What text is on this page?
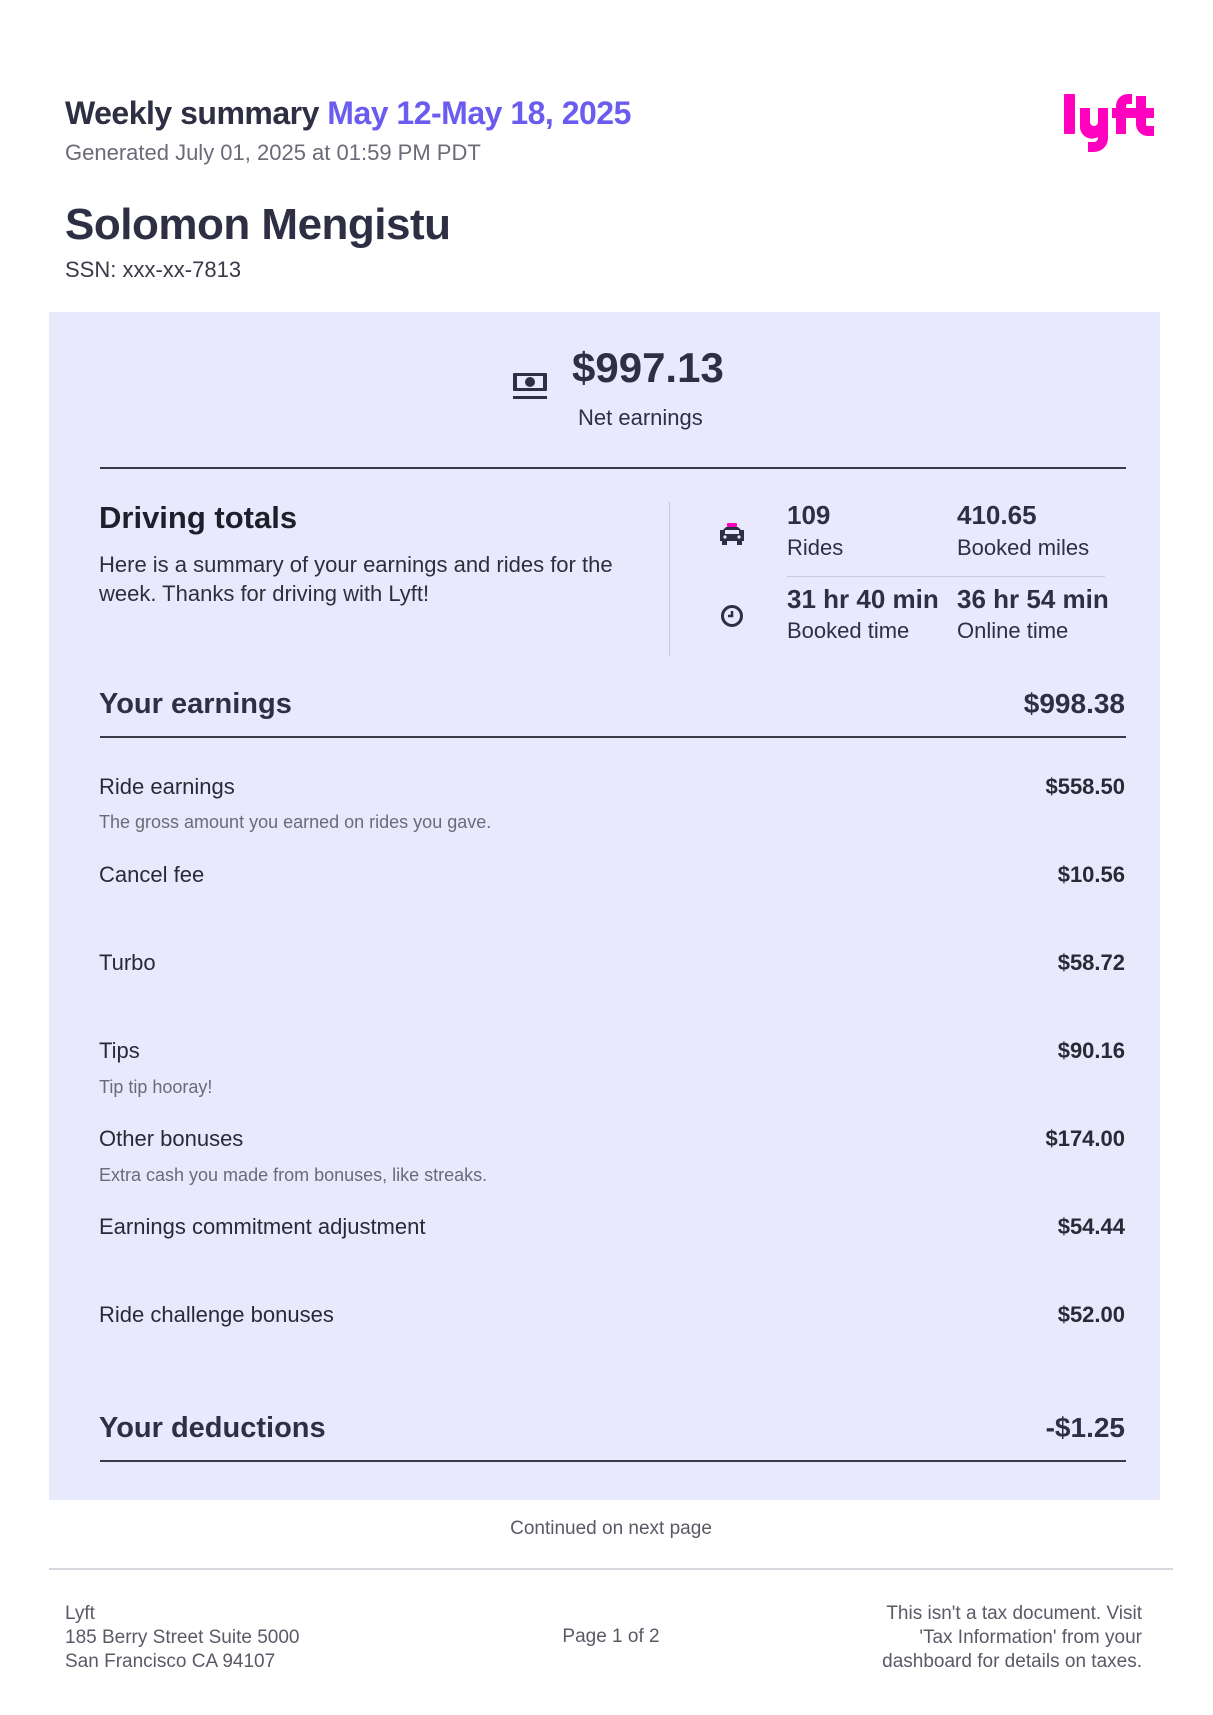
Weekly summary May 12-May 18, 2025
Generated July 01, 2025 at 01:59 PM PDT
Solomon Mengistu
SSN: xxx-xx-7813
$997.13
Net earnings
Driving totals
Here is a summary of your earnings and rides for the week. Thanks for driving with Lyft!
109
Rides
410.65
Booked miles
31 hr 40 min
Booked time
36 hr 54 min
Online time
Your earnings	$998.38
Ride earnings	$558.50
The gross amount you earned on rides you gave.
Cancel fee	$10.56
Turbo	$58.72
Tips	$90.16
Tip tip hooray!
Other bonuses	$174.00
Extra cash you made from bonuses, like streaks.
Earnings commitment adjustment	$54.44
Ride challenge bonuses	$52.00
Your deductions	-$1.25
Continued on next page
Lyft
185 Berry Street Suite 5000
San Francisco CA 94107
Page 1 of 2
This isn't a tax document. Visit
'Tax Information' from your
dashboard for details on taxes.
